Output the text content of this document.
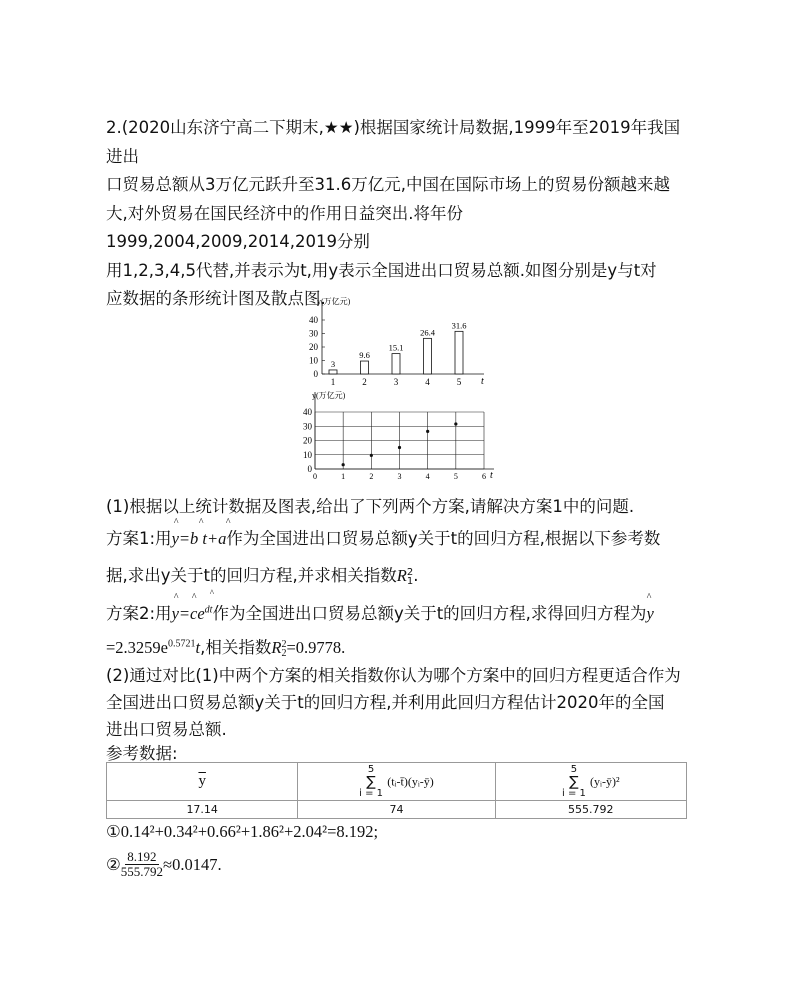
2.(2020山东济宁高二下期末,★★)根据国家统计局数据,1999年至2019年我国进出
口贸易总额从3万亿元跃升至31.6万亿元,中国在国际市场上的贸易份额越来越
大,对外贸易在国民经济中的作用日益突出.将年份1999,2004,2009,2014,2019分别
用1,2,3,4,5代替,并表示为t,用y表示全国进出口贸易总额.如图分别是y与t对
应数据的条形统计图及散点图.
y(万亿元)
t
0
10
20
30
40
3
1
9.6
2
15.1
3
26.4
4
31.6
5
0	1	2	3	4	5	6
0
10
20
30
40
y(万亿元)
t
(1)根据以上统计数据及图表,给出了下列两个方案,请解决方案1中的问题.
方案1:用y=b t+a
^ ^ ^
作为全国进出口贸易总额y关于t的回归方程,根据以下参考数
据,求出y关于t的回归方程,并求相关指数R 2
1 .
方案2:用$y=ce^{dt}$
^ ^ ^
作为全国进出口贸易总额y关于t的回归方程,求得回归方程为y
^
$=2.3259e^{0.5721}t$,相关指数R 2
2 =0.9778.
(2)通过对比(1)中两个方案的相关指数你认为哪个方案中的回归方程更适合作为
全国进出口贸易总额y关于t的回归方程,并利用此回归方程估计2020年的全国
进出口贸易总额.
参考数据:
$\overline{y}$	5
∑
i = 1
(tᵢ-t̄)(yᵢ-ȳ)	5
∑
i = 1
(yᵢ-ȳ)²
17.14	74	555.792
①0.14²+0.34²+0.66²+1.86²+2.04²=8.192;
② $\frac{8.192}{555.792} \approx 0.0147$.
